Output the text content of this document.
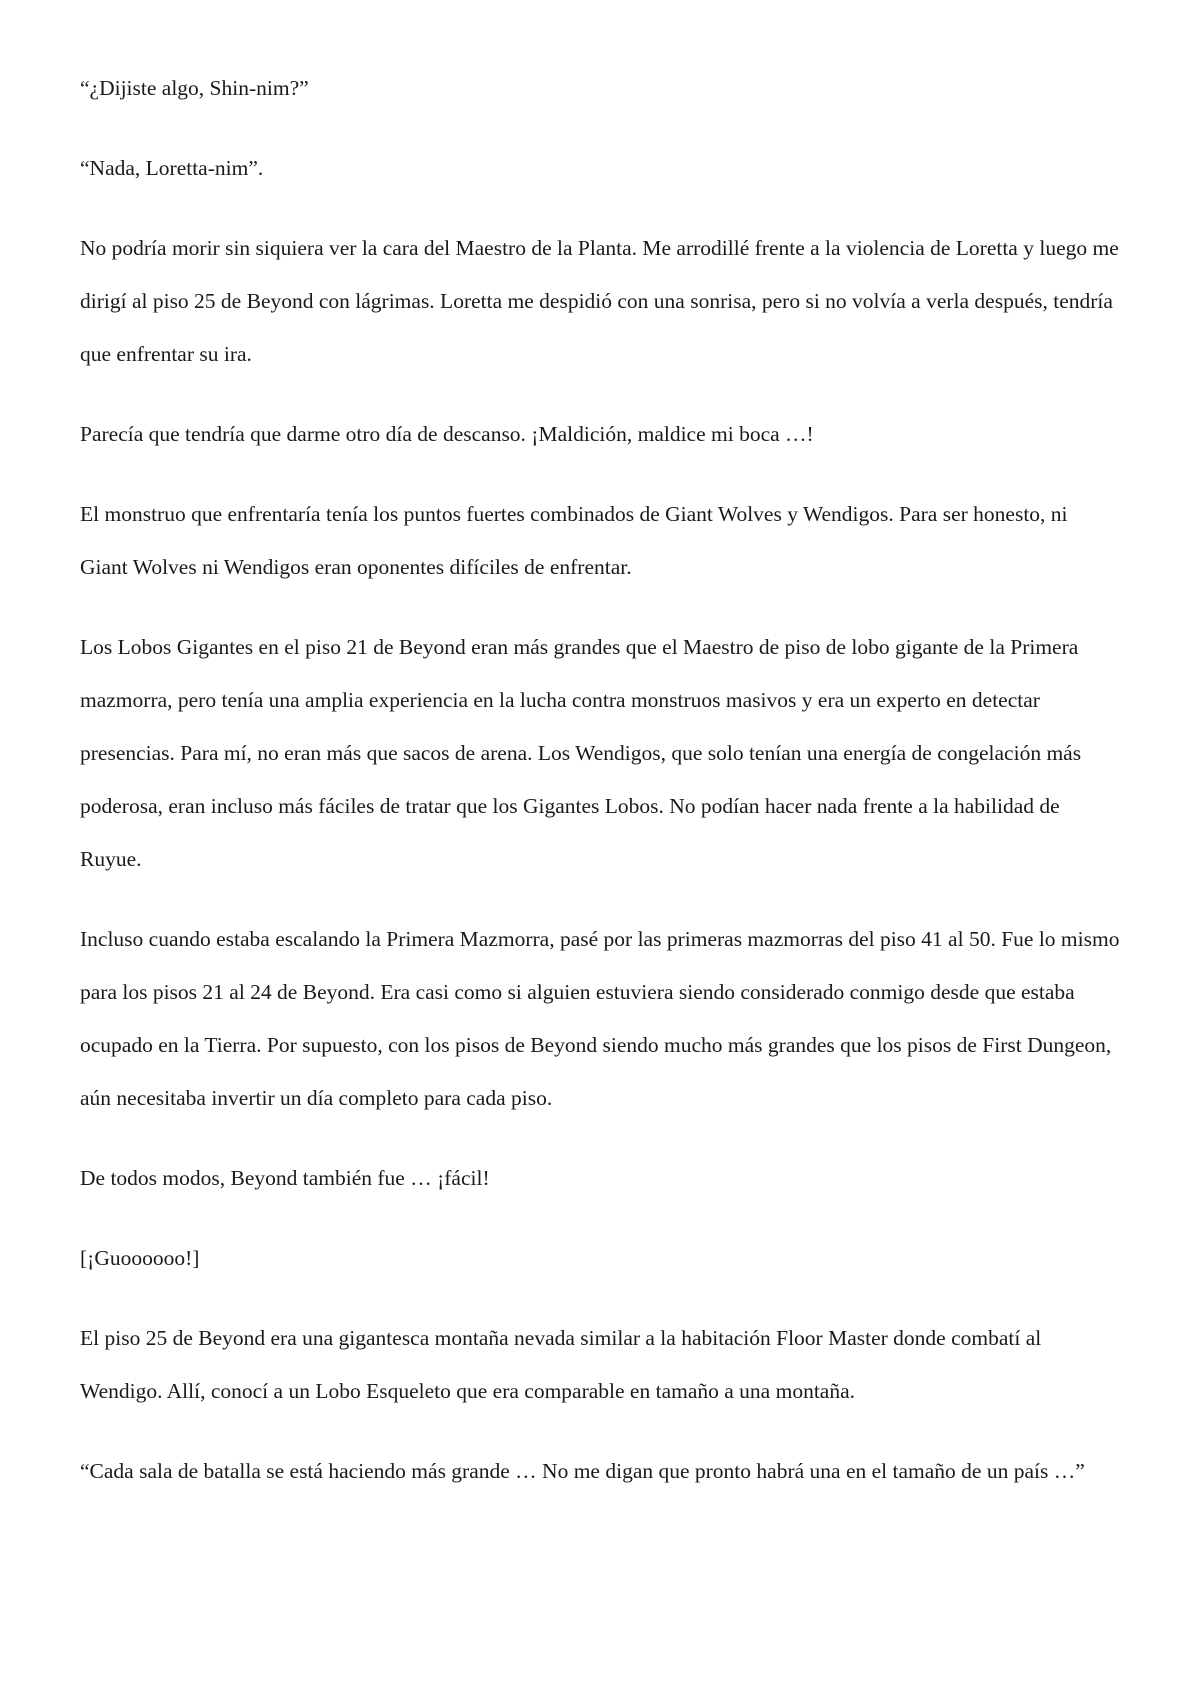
“¿Dijiste algo, Shin-nim?”

“Nada, Loretta-nim”.

No podría morir sin siquiera ver la cara del Maestro de la Planta. Me arrodillé frente a la violencia de Loretta y luego me dirigí al piso 25 de Beyond con lágrimas. Loretta me despidió con una sonrisa, pero si no volvía a verla después, tendría que enfrentar su ira.

Parecía que tendría que darme otro día de descanso. ¡Maldición, maldice mi boca …!

El monstruo que enfrentaría tenía los puntos fuertes combinados de Giant Wolves y Wendigos. Para ser honesto, ni Giant Wolves ni Wendigos eran oponentes difíciles de enfrentar.

Los Lobos Gigantes en el piso 21 de Beyond eran más grandes que el Maestro de piso de lobo gigante de la Primera mazmorra, pero tenía una amplia experiencia en la lucha contra monstruos masivos y era un experto en detectar presencias. Para mí, no eran más que sacos de arena. Los Wendigos, que solo tenían una energía de congelación más poderosa, eran incluso más fáciles de tratar que los Gigantes Lobos. No podían hacer nada frente a la habilidad de Ruyue.

Incluso cuando estaba escalando la Primera Mazmorra, pasé por las primeras mazmorras del piso 41 al 50. Fue lo mismo para los pisos 21 al 24 de Beyond. Era casi como si alguien estuviera siendo considerado conmigo desde que estaba ocupado en la Tierra. Por supuesto, con los pisos de Beyond siendo mucho más grandes que los pisos de First Dungeon, aún necesitaba invertir un día completo para cada piso.

De todos modos, Beyond también fue … ¡fácil!

[¡Guoooooo!]

El piso 25 de Beyond era una gigantesca montaña nevada similar a la habitación Floor Master donde combatí al Wendigo. Allí, conocí a un Lobo Esqueleto que era comparable en tamaño a una montaña.

“Cada sala de batalla se está haciendo más grande … No me digan que pronto habrá una en el tamaño de un país …”
